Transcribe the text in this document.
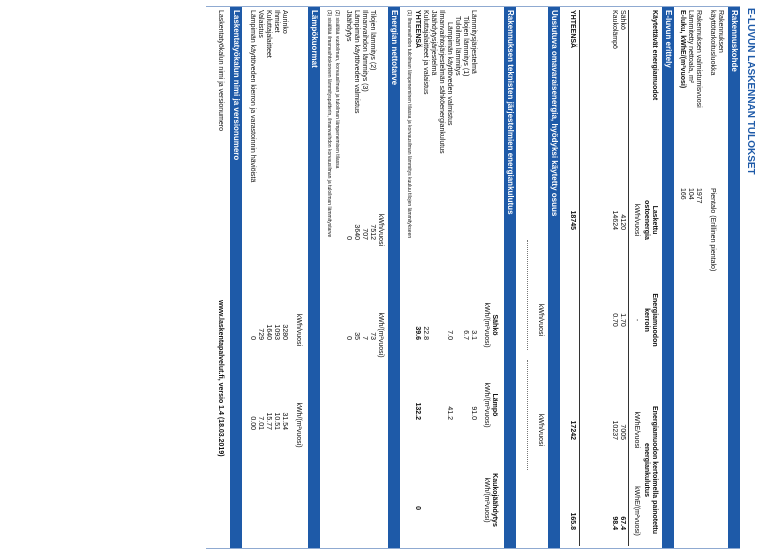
E-LUVUN LASKENNAN TULOKSET
Rakennuskohde
Rakennuksen käyttötarkoitusluokka
Pientalo (Erillinen pientalo)
Rakennuksen valmistumisvuosi
1977
Lämmitetty nettoala, m²
104
E-luku, kWhE/(m²vuosi)
166
E-luvun erittely
Käytettävät energiamuodot
Laskettu ostoenergia
kWh/vuosi
Energiamuodon kerroin
-
Energiamuodon kertoimella painotettu energiankulutus
kWhE/vuosi
kWhE/(m²vuosi)
Sähkö
4120
1.70
7005
67.4
Kaukolämpö
14624
0.70
10237
98.4
YHTEENSÄ
18745
17242
165.8
Uusiutuva omavaraisenergia, hyödyksi käytetty osuus
kWh/vuosi
kWh/vuosi
Rakennuksen teknisten järjestelmien energiankulutus
Sähkö
kWh/(m²vuosi)
Lämpö
kWh/(m²vuosi)
Kaukojäähdytys
kWh/(m²vuosi)
Lämmitysjärjestelmä
3.1
91.0
Tilojen lämmitys (1)
6.7
Tuloilman lämmitys
Lämpimän käyttöveden valmistus
7.0
41.2
Ilmanvaihtojärjestelmän sähköenergiankulutus
Jäähdytysjärjestelmä
Kuluttajalaitteet ja valaistus
22.8
YHTEENSÄ
39.6
132.2
0
(1) Ilmanvaihdon tuloilman lämpeneminen tilassa ja korvausilman lämmitys kuuluu tilojen lämmitykseen
Energian nettotarve
kWh/vuosi
kWh/(m²vuosi)
Tilojen lämmitys (2)
7512
73
Ilmanvaihdon lämmitys (3)
707
7
Lämpimän käyttöveden valmistus
3640
35
Jäähdytys
0
0
(2) sisältää vuotoilman, korvausilman ja tuloilman lämpenemisen tilassa
(3) sisältää ilmanvaihtokoneen lämmityspatterin, ilmanvaihdon korvausilman ja tuloilman lämmitystarve
Lämpökuormat
kWh/vuosi
kWh/(m²vuosi)
Aurinko
3280
31.54
Ihmiset
1093
10.51
Kuluttajalaitteet
1640
15.77
Valaistus
729
7.01
Lämpimän käyttöveden kierron ja varastoinnin häviöistä
0
0.00
Laskentatyökalun nimi ja versionumero
Laskentatyökalun nimi ja versionumero
www.laskentapalvelut.fi, versio 1.4 (18.03.2019)
